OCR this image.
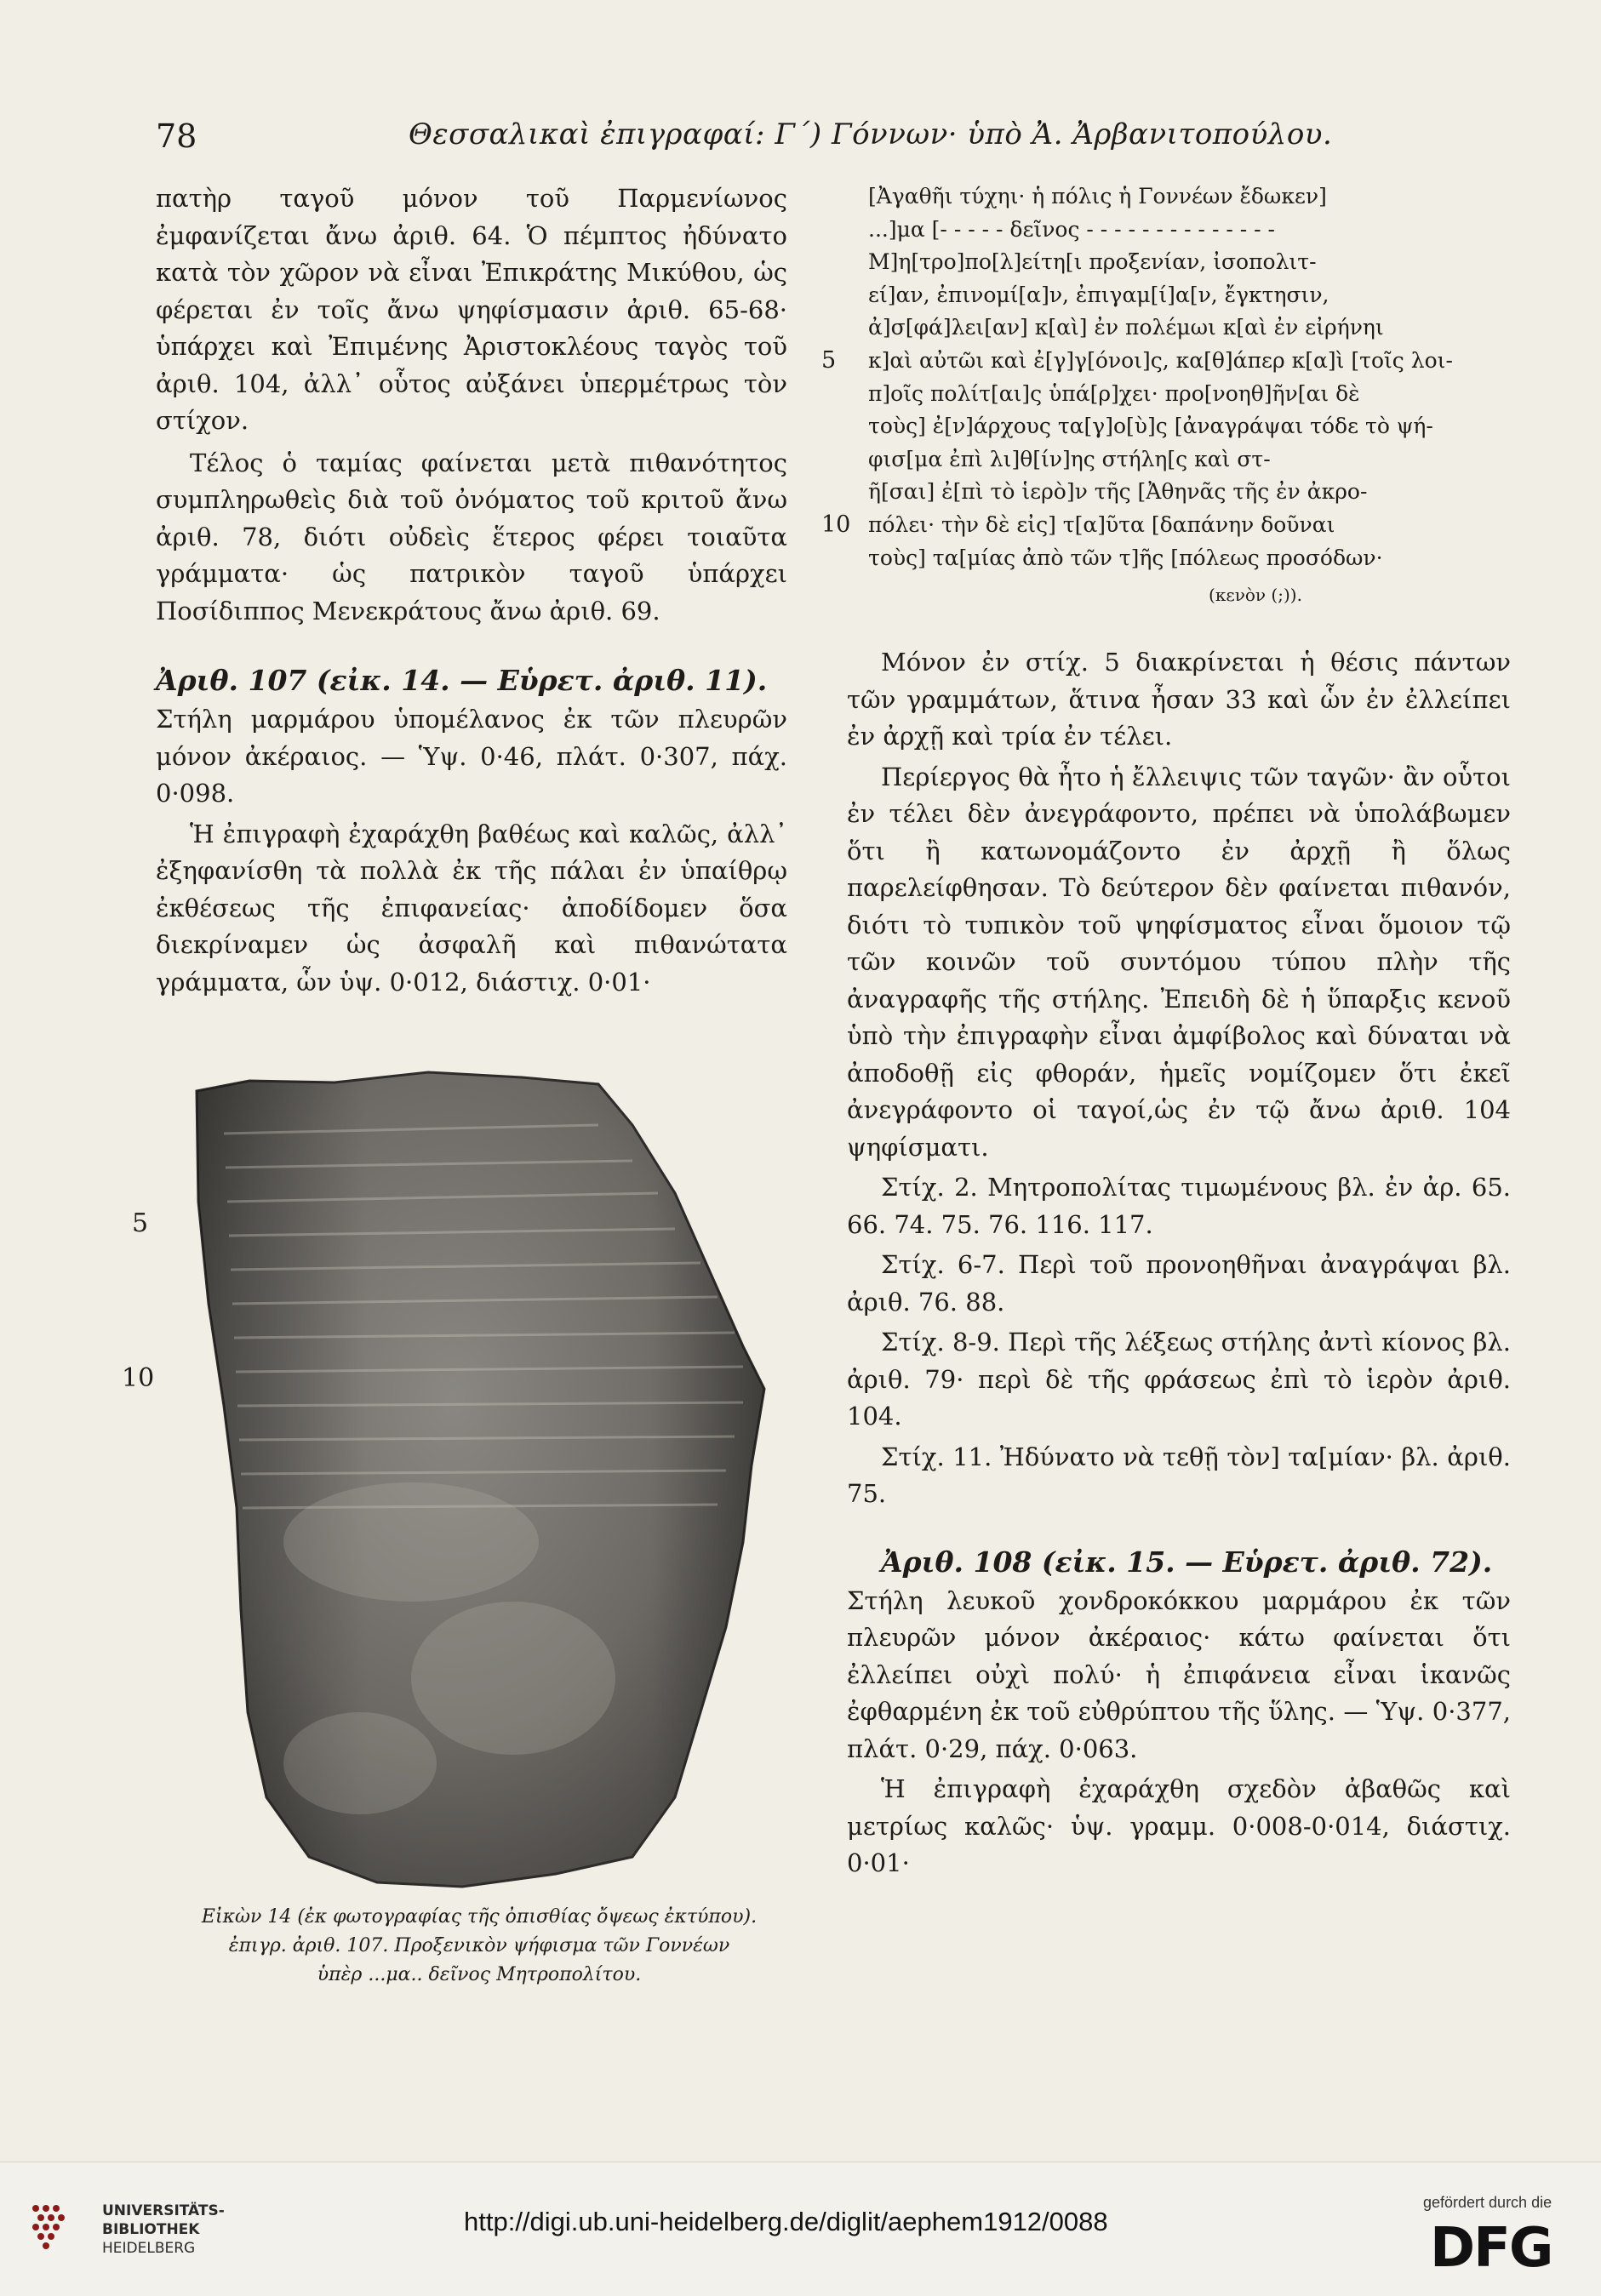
78	Θεσσαλικαὶ ἐπιγραφαί: Γ´) Γόννων· ὑπὸ Ἀ. Ἀρβανιτοπούλου.

πατὴρ ταγοῦ μόνον τοῦ Παρμενίωνος ἐμφανίζεται ἄνω ἀριθ. 64. Ὁ πέμπτος ἠδύνατο κατὰ τὸν χῶρον νὰ εἶναι Ἐπικράτης Μικύθου, ὡς φέρεται ἐν τοῖς ἄνω ψηφίσμασιν ἀριθ. 65-68· ὑπάρχει καὶ Ἐπιμένης Ἀριστοκλέους ταγὸς τοῦ ἀριθ. 104, ἀλλ᾽ οὗτος αὐξάνει ὑπερμέτρως τὸν στίχον.

Τέλος ὁ ταμίας φαίνεται μετὰ πιθανότητος συμπληρωθεὶς διὰ τοῦ ὀνόματος τοῦ κριτοῦ ἄνω ἀριθ. 78, διότι οὐδεὶς ἕτερος φέρει τοιαῦτα γράμματα· ὡς πατρικὸν ταγοῦ ὑπάρχει Ποσίδιππος Μενεκράτους ἄνω ἀριθ. 69.

Ἀριθ. 107 (εἰκ. 14. — Εὑρετ. ἀριθ. 11).

Στήλη μαρμάρου ὑπομέλανος ἐκ τῶν πλευρῶν μόνον ἀκέραιος. — Ὑψ. 0·46, πλάτ. 0·307, πάχ. 0·098.

Ἡ ἐπιγραφὴ ἐχαράχθη βαθέως καὶ καλῶς, ἀλλ᾽ ἐξηφανίσθη τὰ πολλὰ ἐκ τῆς πάλαι ἐν ὑπαίθρῳ ἐκθέσεως τῆς ἐπιφανείας· ἀποδίδομεν ὅσα διεκρίναμεν ὡς ἀσφαλῆ καὶ πιθανώτατα γράμματα, ὧν ὑψ. 0·012, διάστιχ. 0·01·

5
10
Εἰκὼν 14 (ἐκ φωτογραφίας τῆς ὀπισθίας ὄψεως ἐκτύπου).
ἐπιγρ. ἀριθ. 107. Προξενικὸν ψήφισμα τῶν Γοννέων
ὑπὲρ ...μα.. δεῖνος Μητροπολίτου.
[Ἀγαθῆι τύχηι· ἡ πόλις ἡ Γοννέων ἔδωκεν]
...]μα [- - - - - δεῖνος - - - - - - - - - - - - - -
Μ]η[τρο]πο[λ]είτη[ι προξενίαν, ἰσοπολιτ-
εί]αν, ἐπινομί[α]ν, ἐπιγαμ[ί]α[ν, ἔγκτησιν,
ἀ]σ[φά]λει[αν] κ[αὶ] ἐν πολέμωι κ[αὶ ἐν εἰρήνηι
5 κ]αὶ αὐτῶι καὶ ἐ[γ]γ[όνοι]ς, κα[θ]άπερ κ[α]ὶ [τοῖς λοι-
π]οῖς πολίτ[αι]ς ὑπά[ρ]χει· προ[νοηθ]ῆν[αι δὲ
τοὺς] ἐ[ν]άρχους τα[γ]ο[ὺ]ς [ἀναγράψαι τόδε τὸ ψή-
φισ[μα ἐπὶ λι]θ[ίν]ης στήλη[ς καὶ στ-
ῆ[σαι] ἐ[πὶ τὸ ἱερὸ]ν τῆς [Ἀθηνᾶς τῆς ἐν ἀκρο-
10 πόλει· τὴν δὲ εἰς] τ[α]ῦτα [δαπάνην δοῦναι
τοὺς] τα[μίας ἀπὸ τῶν τ]ῆς [πόλεως προσόδων·
(κενὸν (;)).

Μόνον ἐν στίχ. 5 διακρίνεται ἡ θέσις πάντων τῶν γραμμάτων, ἅτινα ἦσαν 33 καὶ ὧν ἐν ἐλλείπει ἐν ἀρχῇ καὶ τρία ἐν τέλει.

Περίεργος θὰ ἦτο ἡ ἔλλειψις τῶν ταγῶν· ἂν οὗτοι ἐν τέλει δὲν ἀνεγράφοντο, πρέπει νὰ ὑπολάβωμεν ὅτι ἢ κατωνομάζοντο ἐν ἀρχῇ ἢ ὅλως παρελείφθησαν. Τὸ δεύτερον δὲν φαίνεται πιθανόν, διότι τὸ τυπικὸν τοῦ ψηφίσματος εἶναι ὅμοιον τῷ τῶν κοινῶν τοῦ συντόμου τύπου πλὴν τῆς ἀναγραφῆς τῆς στήλης. Ἐπειδὴ δὲ ἡ ὕπαρξις κενοῦ ὑπὸ τὴν ἐπιγραφὴν εἶναι ἀμφίβολος καὶ δύναται νὰ ἀποδοθῇ εἰς φθοράν, ἡμεῖς νομίζομεν ὅτι ἐκεῖ ἀνεγράφοντο οἱ ταγοί,ὡς ἐν τῷ ἄνω ἀριθ. 104 ψηφίσματι.

Στίχ. 2. Μητροπολίτας τιμωμένους βλ. ἐν ἀρ. 65. 66. 74. 75. 76. 116. 117.

Στίχ. 6-7. Περὶ τοῦ προνοηθῆναι ἀναγράψαι βλ. ἀριθ. 76. 88.

Στίχ. 8-9. Περὶ τῆς λέξεως στήλης ἀντὶ κίονος βλ. ἀριθ. 79· περὶ δὲ τῆς φράσεως ἐπὶ τὸ ἱερὸν ἀριθ. 104.

Στίχ. 11. Ἠδύνατο νὰ τεθῇ τὸν] τα[μίαν· βλ. ἀριθ. 75.

Ἀριθ. 108 (εἰκ. 15. — Εὑρετ. ἀριθ. 72).

Στήλη λευκοῦ χονδροκόκκου μαρμάρου ἐκ τῶν πλευρῶν μόνον ἀκέραιος· κάτω φαίνεται ὅτι ἐλλείπει οὐχὶ πολύ· ἡ ἐπιφάνεια εἶναι ἱκανῶς ἐφθαρμένη ἐκ τοῦ εὐθρύπτου τῆς ὕλης. — Ὑψ. 0·377, πλάτ. 0·29, πάχ. 0·063.

Ἡ ἐπιγραφὴ ἐχαράχθη σχεδὸν ἀβαθῶς καὶ μετρίως καλῶς· ὑψ. γραμμ. 0·008-0·014, διάστιχ. 0·01·

UNIVERSITÄTS-
BIBLIOTHEK
HEIDELBERG
http://digi.ub.uni-heidelberg.de/diglit/aephem1912/0088
gefördert durch die
DFG
